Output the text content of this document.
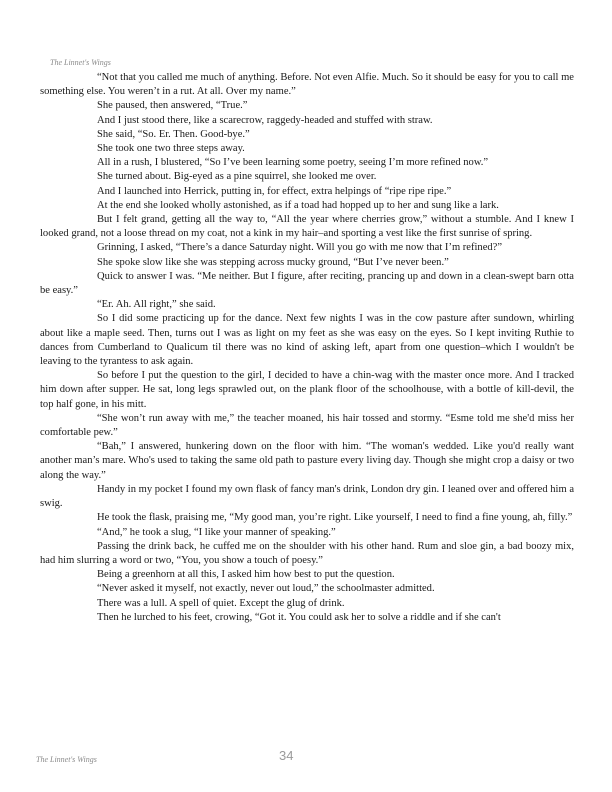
The Linnet's Wings

“Not that you called me much of anything. Before. Not even Alfie. Much. So it should be easy for you to call me something else. You weren’t in a rut. At all. Over my name.”

She paused, then answered, “True.”

And I just stood there, like a scarecrow, raggedy-headed and stuffed with straw.

She said, “So. Er. Then. Good-bye.”

She took one two three steps away.

All in a rush, I blustered, “So I’ve been learning some poetry, seeing I’m more refined now.”

She turned about. Big-eyed as a pine squirrel, she looked me over.

And I launched into Herrick, putting in, for effect, extra helpings of “ripe ripe ripe.”

At the end she looked wholly astonished, as if a toad had hopped up to her and sung like a lark.

But I felt grand, getting all the way to, “All the year where cherries grow,” without a stumble. And I knew I looked grand, not a loose thread on my coat, not a kink in my hair–and sporting a vest like the first sunrise of spring.

Grinning, I asked, “There’s a dance Saturday night. Will you go with me now that I’m refined?”

She spoke slow like she was stepping across mucky ground, “But I’ve never been.”

Quick to answer I was. “Me neither. But I figure, after reciting, prancing up and down in a clean-swept barn otta be easy.”

“Er. Ah. All right,” she said.

So I did some practicing up for the dance. Next few nights I was in the cow pasture after sundown, whirling about like a maple seed. Then, turns out I was as light on my feet as she was easy on the eyes. So I kept inviting Ruthie to dances from Cumberland to Qualicum til there was no kind of asking left, apart from one question–which I wouldn't be leaving to the tyrantess to ask again.

So before I put the question to the girl, I decided to have a chin-wag with the master once more. And I tracked him down after supper. He sat, long legs sprawled out, on the plank floor of the schoolhouse, with a bottle of kill-devil, the top half gone, in his mitt.

“She won’t run away with me,” the teacher moaned, his hair tossed and stormy. “Esme told me she'd miss her comfortable pew.”

“Bah,” I answered, hunkering down on the floor with him. “The woman's wedded. Like you'd really want another man’s mare. Who's used to taking the same old path to pasture every living day. Though she might crop a daisy or two along the way.”

Handy in my pocket I found my own flask of fancy man's drink, London dry gin. I leaned over and offered him a swig.

He took the flask, praising me, “My good man, you’re right. Like yourself, I need to find a fine young, ah, filly.”

“And,” he took a slug, “I like your manner of speaking.”

Passing the drink back, he cuffed me on the shoulder with his other hand. Rum and sloe gin, a bad boozy mix, had him slurring a word or two, “You, you show a touch of poesy.”

Being a greenhorn at all this, I asked him how best to put the question.

“Never asked it myself, not exactly, never out loud,” the schoolmaster admitted.

There was a lull. A spell of quiet. Except the glug of drink.

Then he lurched to his feet, crowing, “Got it. You could ask her to solve a riddle and if she can't

The Linnet's Wings	34
